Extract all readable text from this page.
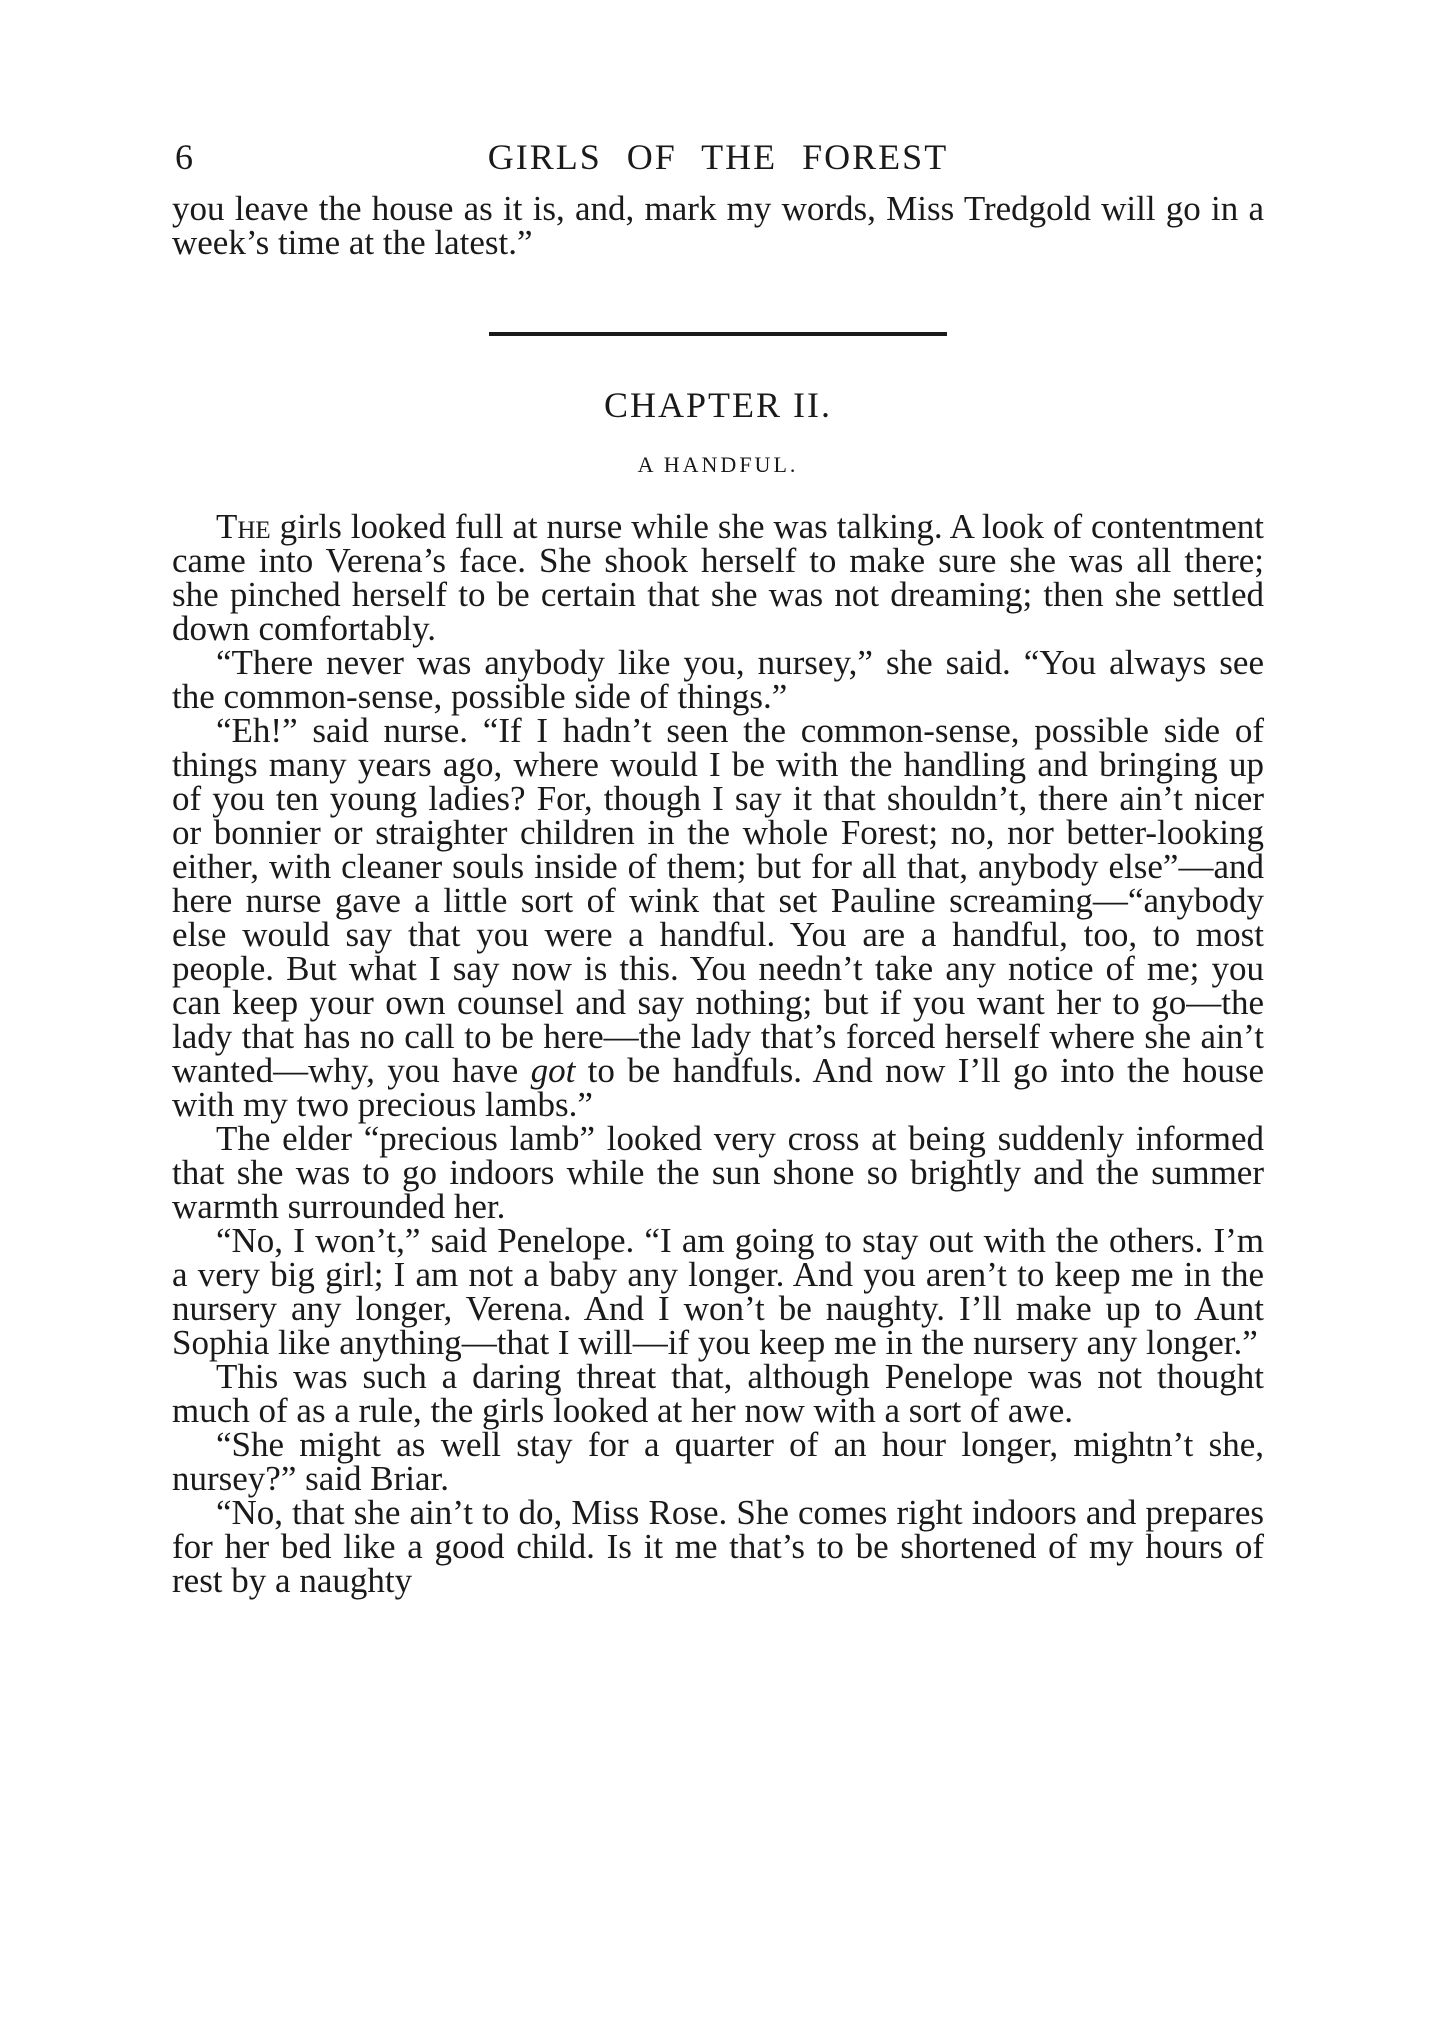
6	GIRLS OF THE FOREST

you leave the house as it is, and, mark my words, Miss Tredgold will go in a week’s time at the latest.”

CHAPTER II.

A HANDFUL.

The girls looked full at nurse while she was talking. A look of contentment came into Verena’s face. She shook herself to make sure she was all there; she pinched herself to be certain that she was not dreaming; then she settled down comfortably.

“There never was anybody like you, nursey,” she said. “You always see the common-sense, possible side of things.”

“Eh!” said nurse. “If I hadn’t seen the common-sense, possible side of things many years ago, where would I be with the handling and bringing up of you ten young ladies? For, though I say it that shouldn’t, there ain’t nicer or bonnier or straighter children in the whole Forest; no, nor better-looking either, with cleaner souls inside of them; but for all that, anybody else”—and here nurse gave a little sort of wink that set Pauline screaming—“anybody else would say that you were a handful. You are a handful, too, to most people. But what I say now is this. You needn’t take any notice of me; you can keep your own counsel and say nothing; but if you want her to go—the lady that has no call to be here—the lady that’s forced herself where she ain’t wanted—why, you have got to be handfuls. And now I’ll go into the house with my two precious lambs.”

The elder “precious lamb” looked very cross at being suddenly informed that she was to go indoors while the sun shone so brightly and the summer warmth surrounded her.

“No, I won’t,” said Penelope. “I am going to stay out with the others. I’m a very big girl; I am not a baby any longer. And you aren’t to keep me in the nursery any longer, Verena. And I won’t be naughty. I’ll make up to Aunt Sophia like anything—that I will—if you keep me in the nursery any longer.”

This was such a daring threat that, although Penelope was not thought much of as a rule, the girls looked at her now with a sort of awe.

“She might as well stay for a quarter of an hour longer, mightn’t she, nursey?” said Briar.

“No, that she ain’t to do, Miss Rose. She comes right indoors and prepares for her bed like a good child. Is it me that’s to be shortened of my hours of rest by a naughty
